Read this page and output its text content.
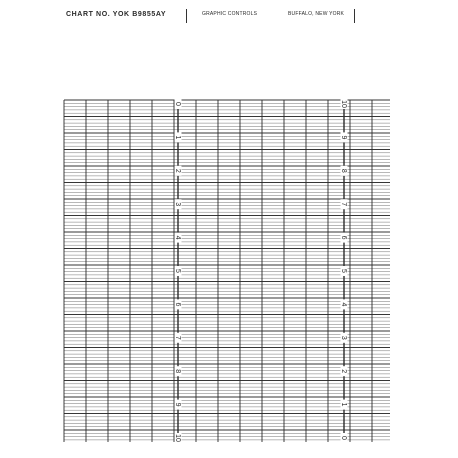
CHART NO. YOK B9855AY	GRAPHIC CONTROLS	BUFFALO, NEW YORK
0
1
2
3
4
5
6
7
8
9
10
10
9
8
7
6
5
4
3
2
1
0
